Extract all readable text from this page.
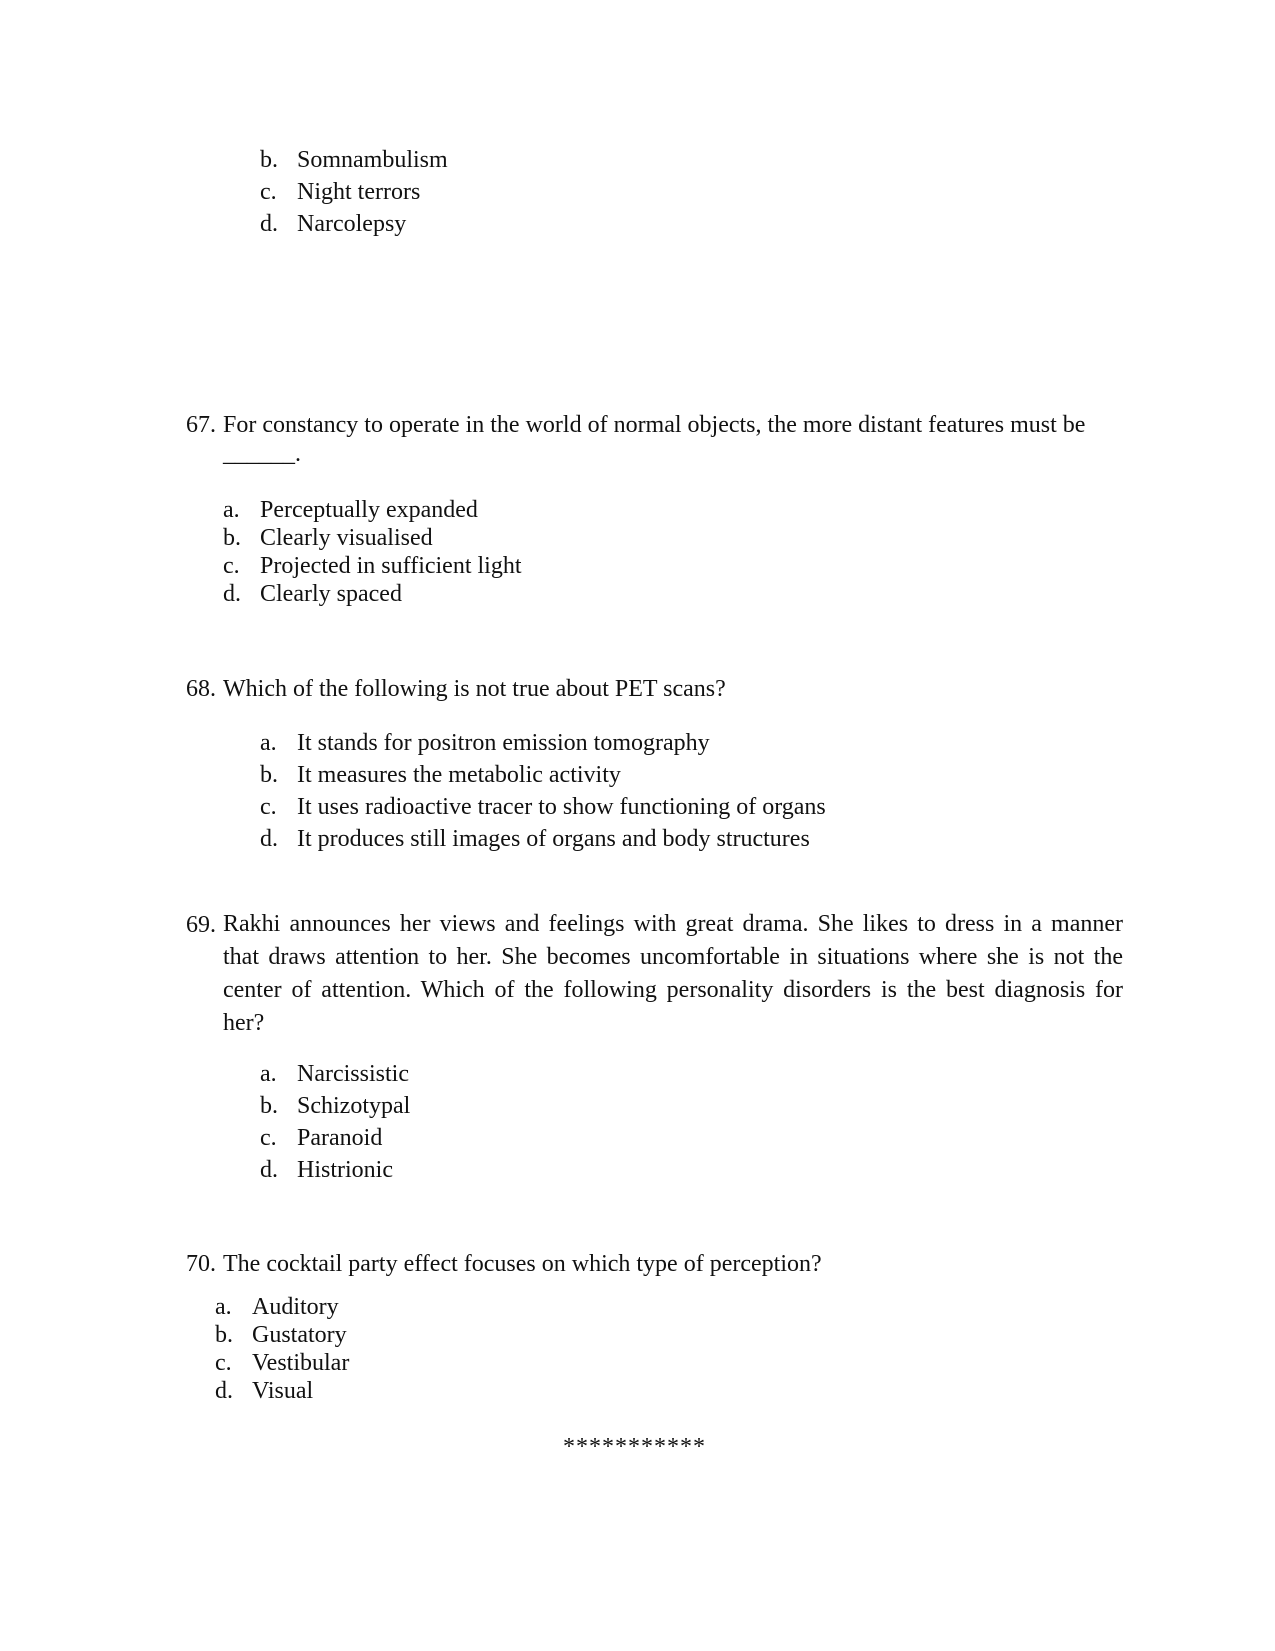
b. Somnambulism
c. Night terrors
d. Narcolepsy
67. For constancy to operate in the world of normal objects, the more distant features must be
______.
a. Perceptually expanded
b. Clearly visualised
c. Projected in sufficient light
d. Clearly spaced
68. Which of the following is not true about PET scans?
a. It stands for positron emission tomography
b. It measures the metabolic activity
c. It uses radioactive tracer to show functioning of organs
d. It produces still images of organs and body structures
69. Rakhi announces her views and feelings with great drama. She likes to dress in a manner
that draws attention to her. She becomes uncomfortable in situations where she is not the
center of attention. Which of the following personality disorders is the best diagnosis for
her?
a. Narcissistic
b. Schizotypal
c. Paranoid
d. Histrionic
70. The cocktail party effect focuses on which type of perception?
a. Auditory
b. Gustatory
c. Vestibular
d. Visual
***********
